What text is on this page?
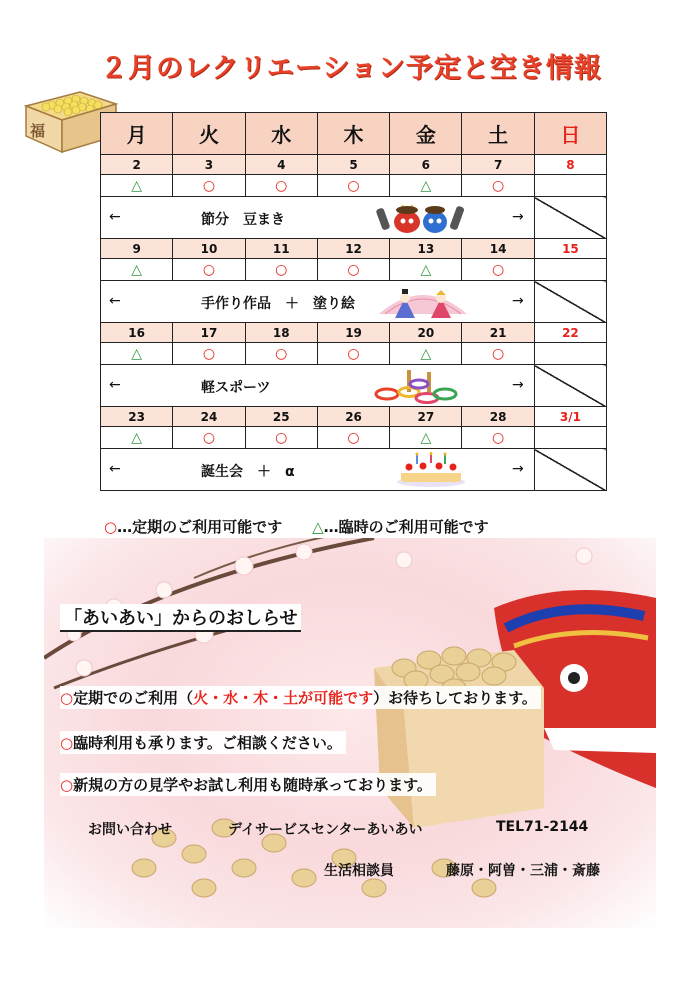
２月のレクリエーション予定と空き情報
福	月	火	水	木	金	土	日
2	3	4	5	6	7	8
△	○	○	○	△	○	

← 節分　豆まき →						

9	10	11	12	13	14	15
△	○	○	○	△	○	

← 手作り作品　＋　塗り絵 →						

16	17	18	19	20	21	22
△	○	○	○	△	○	

← 軽スポーツ →						

23	24	25	26	27	28	3/1
△	○	○	○	△	○	

← 誕生会　＋　α →						

○…定期のご利用可能です　　 △…臨時のご利用可能です
「あいあい」からのおしらせ
○定期でのご利用（火・水・木・土が可能です）お待ちしております。
○臨時利用も承ります。ご相談ください。
○新規の方の見学やお試し利用も随時承っております。
お問い合わせ	デイサービスセンターあいあい	TEL71-2144
生活相談員	藤原・阿曽・三浦・斎藤
